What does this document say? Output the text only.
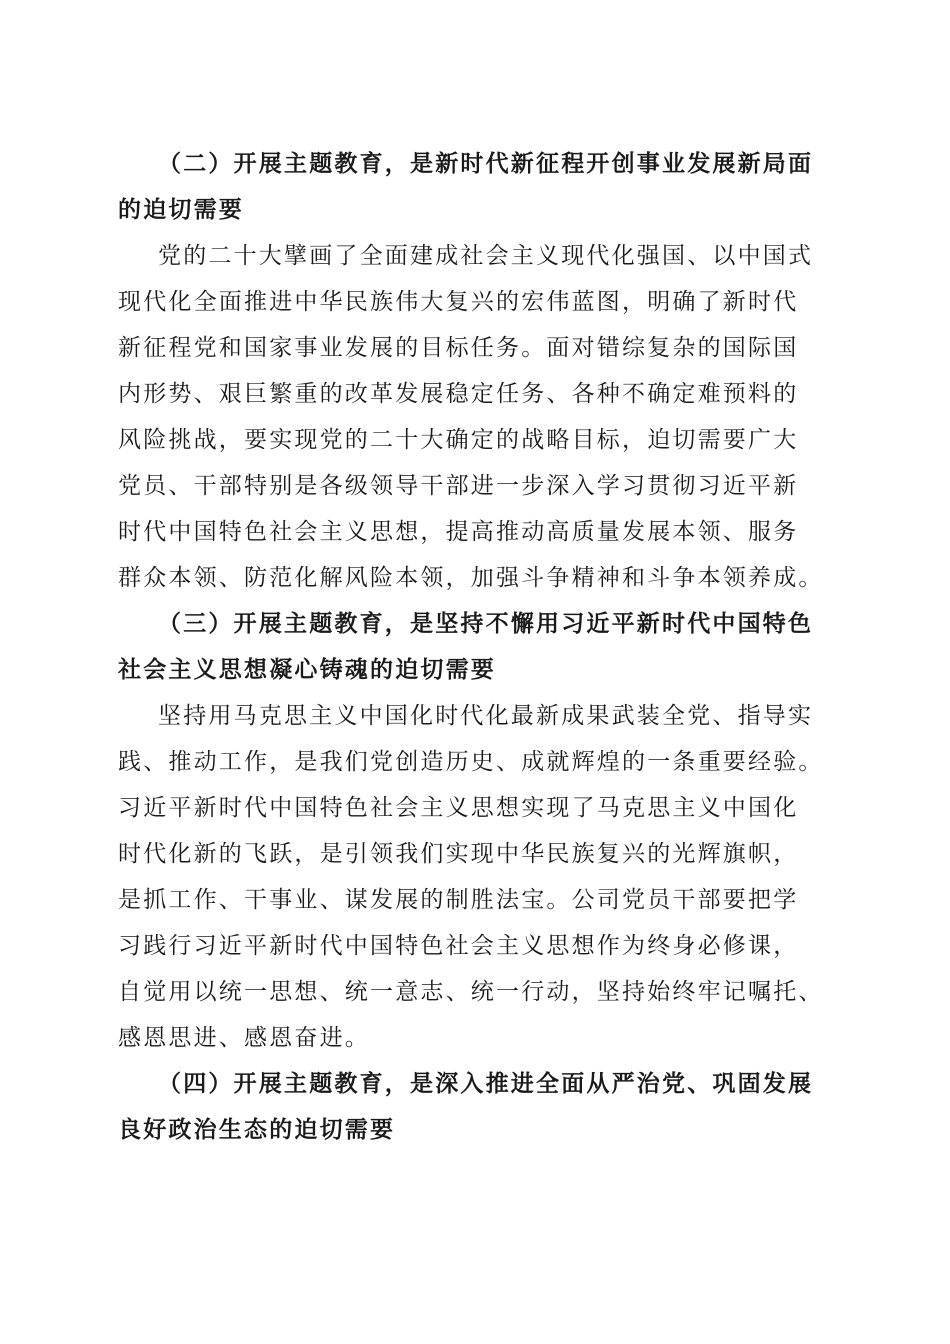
（二）开展主题教育，是新时代新征程开创事业发展新局面
的迫切需要
党的二十大擘画了全面建成社会主义现代化强国、以中国式
现代化全面推进中华民族伟大复兴的宏伟蓝图，明确了新时代
新征程党和国家事业发展的目标任务。面对错综复杂的国际国
内形势、艰巨繁重的改革发展稳定任务、各种不确定难预料的
风险挑战，要实现党的二十大确定的战略目标，迫切需要广大
党员、干部特别是各级领导干部进一步深入学习贯彻习近平新
时代中国特色社会主义思想，提高推动高质量发展本领、服务
群众本领、防范化解风险本领，加强斗争精神和斗争本领养成。
（三）开展主题教育，是坚持不懈用习近平新时代中国特色
社会主义思想凝心铸魂的迫切需要
坚持用马克思主义中国化时代化最新成果武装全党、指导实
践、推动工作，是我们党创造历史、成就辉煌的一条重要经验。
习近平新时代中国特色社会主义思想实现了马克思主义中国化
时代化新的飞跃，是引领我们实现中华民族复兴的光辉旗帜，
是抓工作、干事业、谋发展的制胜法宝。公司党员干部要把学
习践行习近平新时代中国特色社会主义思想作为终身必修课，
自觉用以统一思想、统一意志、统一行动，坚持始终牢记嘱托、
感恩思进、感恩奋进。
（四）开展主题教育，是深入推进全面从严治党、巩固发展
良好政治生态的迫切需要
